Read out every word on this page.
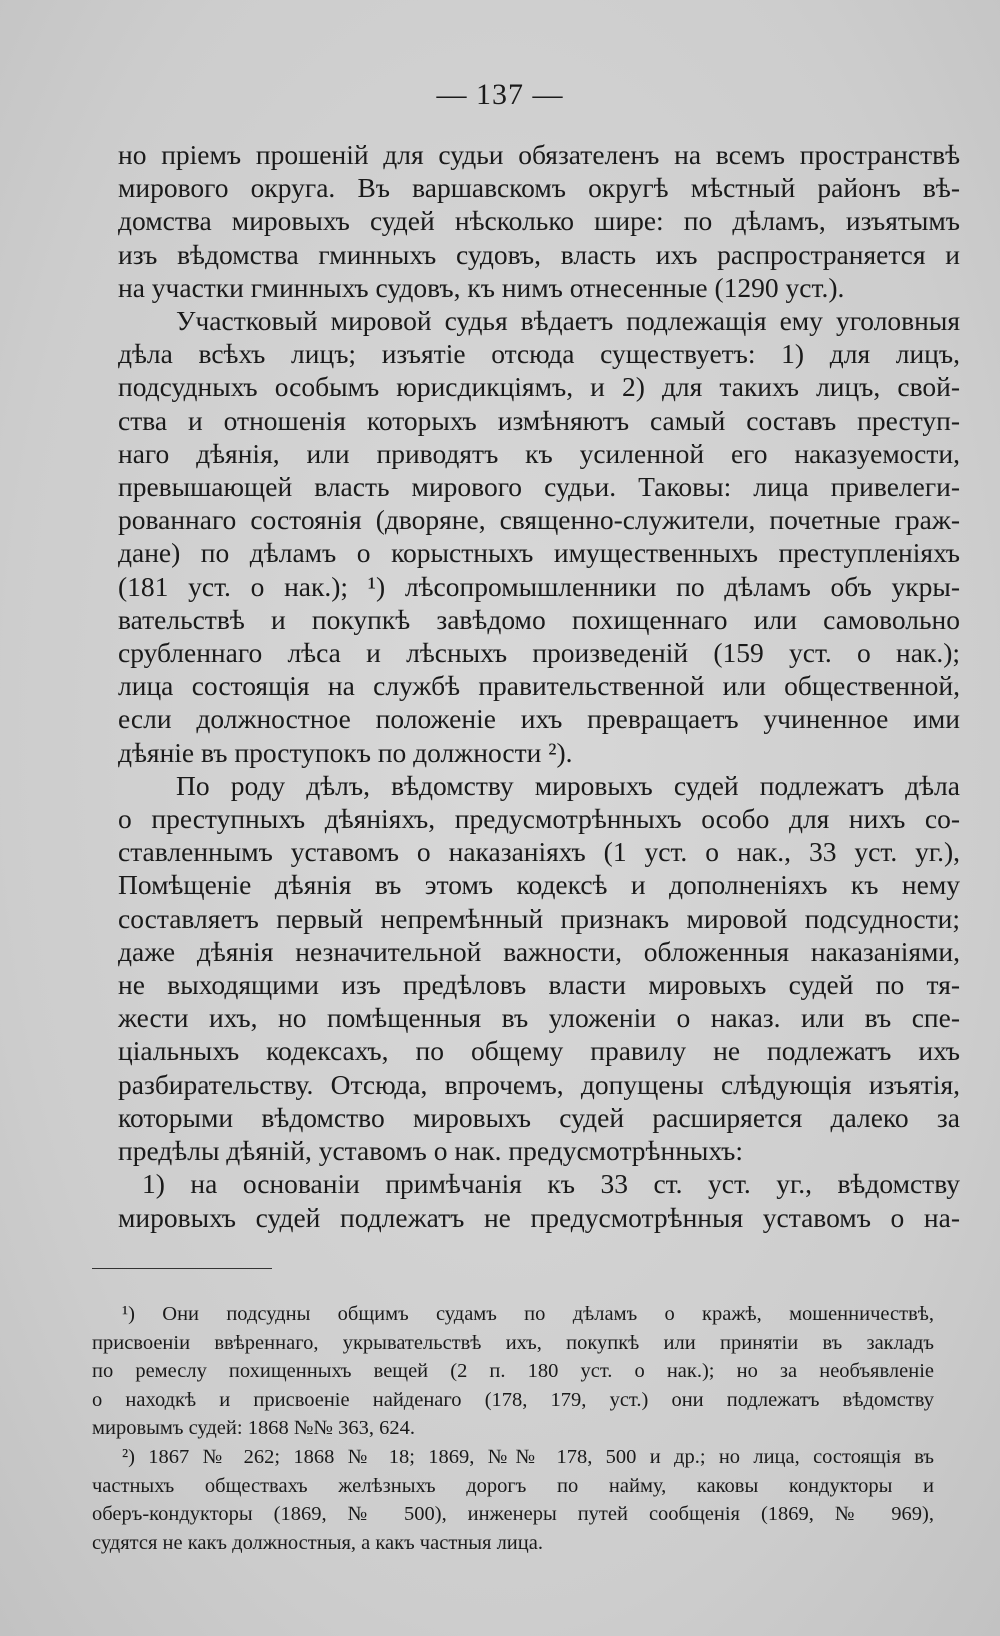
— 137 —
но пріемъ прошеній для судьи обязателенъ на всемъ пространствѣ
мирового округа. Въ варшавскомъ округѣ мѣстный районъ вѣ-
домства мировыхъ судей нѣсколько шире: по дѣламъ, изъятымъ
изъ вѣдомства гминныхъ судовъ, власть ихъ распространяется и
на участки гминныхъ судовъ, къ нимъ отнесенные (1290 уст.).
Участковый мировой судья вѣдаетъ подлежащія ему уголовныя
дѣла всѣхъ лицъ; изъятіе отсюда существуетъ: 1) для лицъ,
подсудныхъ особымъ юрисдикціямъ, и 2) для такихъ лицъ, свой-
ства и отношенія которыхъ измѣняютъ самый составъ преступ-
наго дѣянія, или приводятъ къ усиленной его наказуемости,
превышающей власть мирового судьи. Таковы: лица привелеги-
рованнаго состоянія (дворяне, священно-служители, почетные граж-
дане) по дѣламъ о корыстныхъ имущественныхъ преступленіяхъ
(181 уст. о нак.); ¹) лѣсопромышленники по дѣламъ объ укры-
вательствѣ и покупкѣ завѣдомо похищеннаго или самовольно
срубленнаго лѣса и лѣсныхъ произведеній (159 уст. о нак.);
лица состоящія на службѣ правительственной или общественной,
если должностное положеніе ихъ превращаетъ учиненное ими
дѣяніе въ проступокъ по должности ²).
По роду дѣлъ, вѣдомству мировыхъ судей подлежатъ дѣла
о преступныхъ дѣяніяхъ, предусмотрѣнныхъ особо для нихъ со-
ставленнымъ уставомъ о наказаніяхъ (1 уст. о нак., 33 уст. уг.),
Помѣщеніе дѣянія въ этомъ кодексѣ и дополненіяхъ къ нему
составляетъ первый непремѣнный признакъ мировой подсудности;
даже дѣянія незначительной важности, обложенныя наказаніями,
не выходящими изъ предѣловъ власти мировыхъ судей по тя-
жести ихъ, но помѣщенныя въ уложеніи о наказ. или въ спе-
ціальныхъ кодексахъ, по общему правилу не подлежатъ ихъ
разбирательству. Отсюда, впрочемъ, допущены слѣдующія изъятія,
которыми вѣдомство мировыхъ судей расширяется далеко за
предѣлы дѣяній, уставомъ о нак. предусмотрѣнныхъ:
1) на основаніи примѣчанія къ 33 ст. уст. уг., вѣдомству
мировыхъ судей подлежатъ не предусмотрѣнныя уставомъ о на-
¹) Они подсудны общимъ судамъ по дѣламъ о кражѣ, мошенничествѣ,
присвоеніи ввѣреннаго, укрывательствѣ ихъ, покупкѣ или принятіи въ закладъ
по ремеслу похищенныхъ вещей (2 п. 180 уст. о нак.); но за необъявленіе
о находкѣ и присвоеніе найденаго (178, 179, уст.) они подлежатъ вѣдомству
мировымъ судей: 1868 №№ 363, 624.
²) 1867 № 262; 1868 № 18; 1869, №№ 178, 500 и др.; но лица, состоящія въ
частныхъ обществахъ желѣзныхъ дорогъ по найму, каковы кондукторы и
оберъ-кондукторы (1869, № 500), инженеры путей сообщенія (1869, № 969),
судятся не какъ должностныя, а какъ частныя лица.
